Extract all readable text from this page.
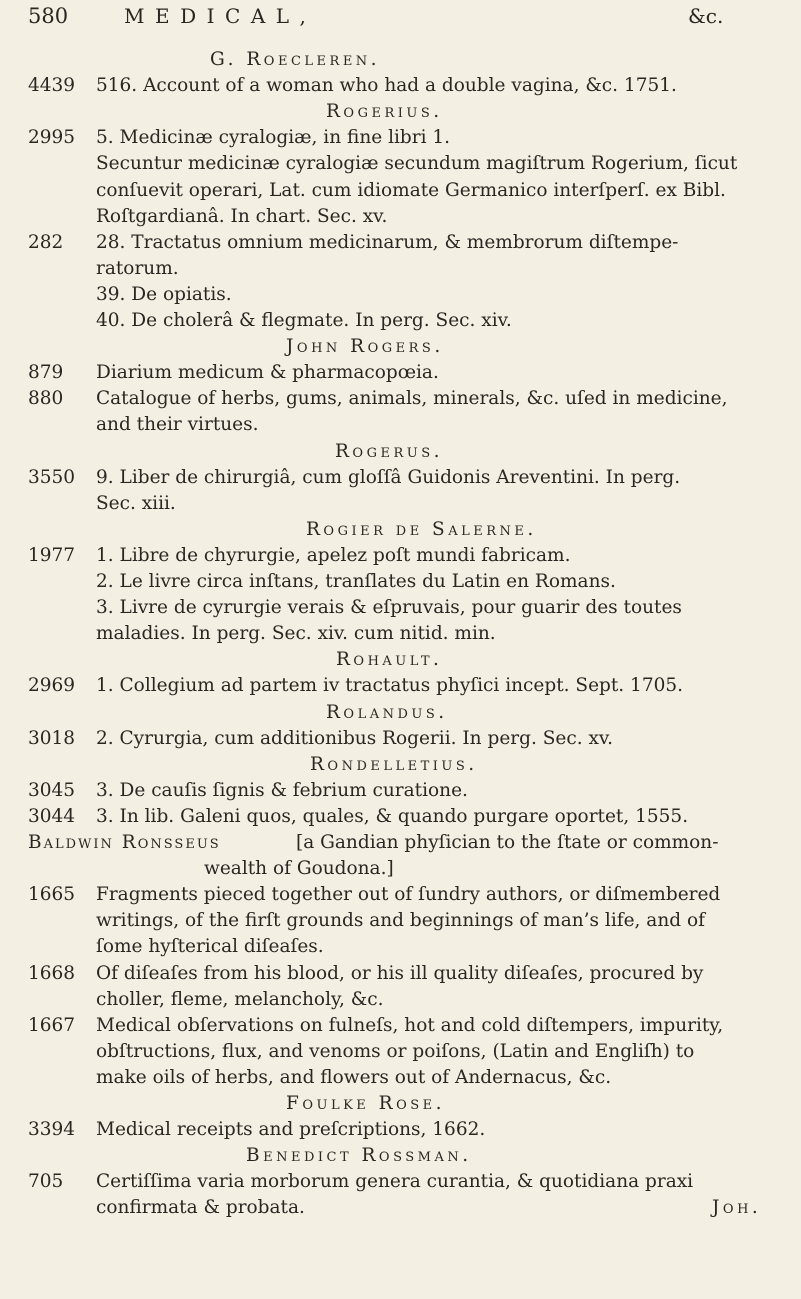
580	MEDICAL,	&c.
G. Roecleren.
4439 516. Account of a woman who had a double vagina, &c. 1751.
Rogerius.
2995 5. Medicinæ cyralogiæ, in fine libri 1.
Secuntur medicinæ cyralogiæ secundum magiſtrum Rogerium, ſicut
conſuevit operari, Lat. cum idiomate Germanico interſperſ. ex Bibl.
Roſtgardianâ. In chart. Sec. xv.
282 28. Tractatus omnium medicinarum, & membrorum diſtempe-
ratorum.
39. De opiatis.
40. De cholerâ & flegmate. In perg. Sec. xiv.
John Rogers.
879 Diarium medicum & pharmacopœia.
880 Catalogue of herbs, gums, animals, minerals, &c. uſed in medicine,
and their virtues.
Rogerus.
3550 9. Liber de chirurgiâ, cum gloſſâ Guidonis Areventini. In perg.
Sec. xiii.
Rogier de Salerne.
1977 1. Libre de chyrurgie, apelez poſt mundi fabricam.
2. Le livre circa inſtans, tranſlates du Latin en Romans.
3. Livre de cyrurgie verais & eſpruvais, pour guarir des toutes
maladies. In perg. Sec. xiv. cum nitid. min.
Rohault.
2969 1. Collegium ad partem iv tractatus phyſici incept. Sept. 1705.
Rolandus.
3018 2. Cyrurgia, cum additionibus Rogerii. In perg. Sec. xv.
Rondelletius.
3045 3. De cauſis ſignis & febrium curatione.
3044 3. In lib. Galeni quos, quales, & quando purgare oportet, 1555.
Baldwin Ronsseus	[a Gandian phyſician to the ſtate or common-
wealth of Goudona.]
1665 Fragments pieced together out of ſundry authors, or diſmembered
writings, of the firſt grounds and beginnings of man’s life, and of
ſome hyſterical diſeaſes.
1668 Of diſeaſes from his blood, or his ill quality diſeaſes, procured by
choller, fleme, melancholy, &c.
1667 Medical obſervations on fulneſs, hot and cold diſtempers, impurity,
obſtructions, flux, and venoms or poiſons, (Latin and Engliſh) to
make oils of herbs, and flowers out of Andernacus, &c.
Foulke Rose.
3394 Medical receipts and preſcriptions, 1662.
Benedict Rossman.
705 Certiſſima varia morborum genera curantia, & quotidiana praxi
confirmata & probata.	Joh.
